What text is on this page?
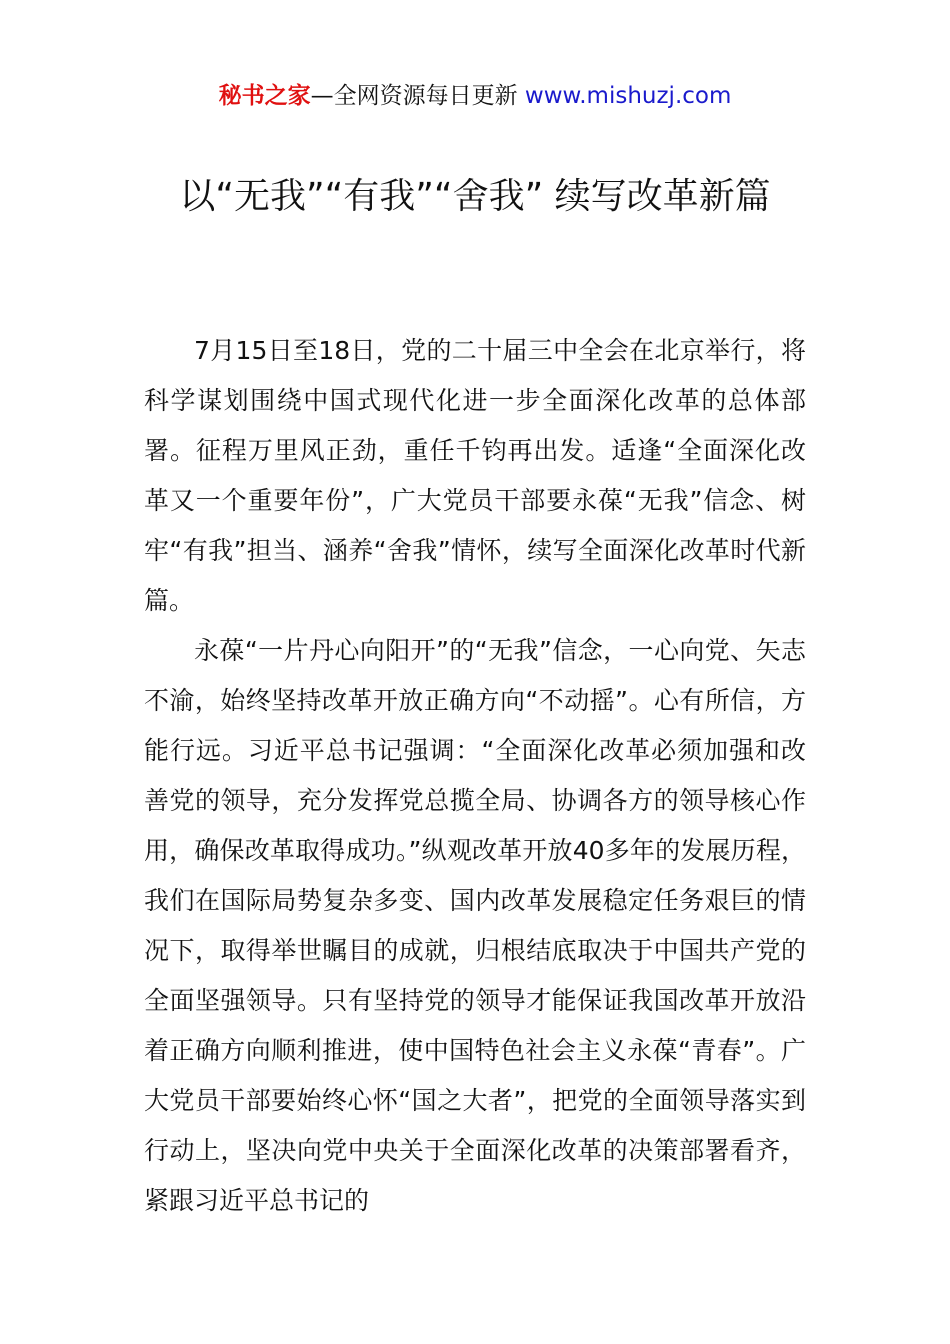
秘书之家—全网资源每日更新 www.mishuzj.com
以“无我”“有我”“舍我” 续写改革新篇

7月15日至18日，党的二十届三中全会在北京举行，将科学谋划围绕中国式现代化进一步全面深化改革的总体部署。征程万里风正劲，重任千钧再出发。适逢“全面深化改革又一个重要年份”，广大党员干部要永葆“无我”信念、树牢“有我”担当、涵养“舍我”情怀，续写全面深化改革时代新篇。

永葆“一片丹心向阳开”的“无我”信念，一心向党、矢志不渝，始终坚持改革开放正确方向“不动摇”。心有所信，方能行远。习近平总书记强调：“全面深化改革必须加强和改善党的领导，充分发挥党总揽全局、协调各方的领导核心作用，确保改革取得成功。”纵观改革开放40多年的发展历程，我们在国际局势复杂多变、国内改革发展稳定任务艰巨的情况下，取得举世瞩目的成就，归根结底取决于中国共产党的全面坚强领导。只有坚持党的领导才能保证我国改革开放沿着正确方向顺利推进，使中国特色社会主义永葆“青春”。广大党员干部要始终心怀“国之大者”，把党的全面领导落实到行动上，坚决向党中央关于全面深化改革的决策部署看齐，紧跟习近平总书记的
